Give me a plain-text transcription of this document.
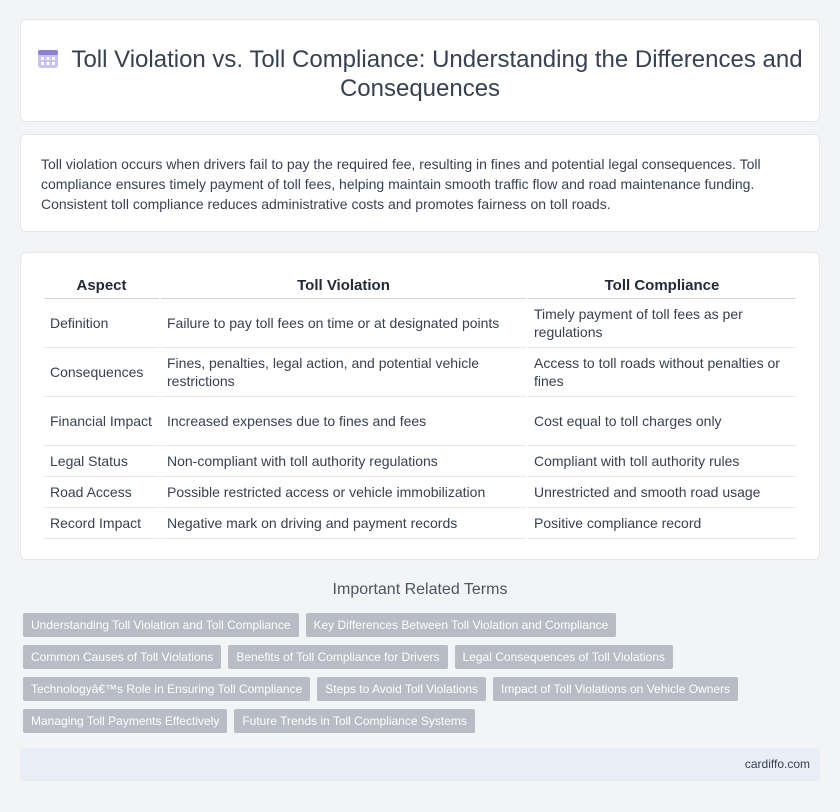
Toll Violation vs. Toll Compliance: Understanding the Differences and Consequences
Toll violation occurs when drivers fail to pay the required fee, resulting in fines and potential legal consequences. Toll compliance ensures timely payment of toll fees, helping maintain smooth traffic flow and road maintenance funding. Consistent toll compliance reduces administrative costs and promotes fairness on toll roads.
Aspect	Toll Violation	Toll Compliance
Definition	Failure to pay toll fees on time or at designated points	Timely payment of toll fees as per regulations
Consequences	Fines, penalties, legal action, and potential vehicle restrictions	Access to toll roads without penalties or fines
Financial Impact	Increased expenses due to fines and fees	Cost equal to toll charges only
Legal Status	Non-compliant with toll authority regulations	Compliant with toll authority rules
Road Access	Possible restricted access or vehicle immobilization	Unrestricted and smooth road usage
Record Impact	Negative mark on driving and payment records	Positive compliance record
Important Related Terms
Understanding Toll Violation and Toll Compliance Key Differences Between Toll Violation and Compliance
Common Causes of Toll Violations Benefits of Toll Compliance for Drivers Legal Consequences of Toll Violations
Technologyâ€™s Role in Ensuring Toll Compliance Steps to Avoid Toll Violations Impact of Toll Violations on Vehicle Owners
Managing Toll Payments Effectively Future Trends in Toll Compliance Systems
cardiffo.com
